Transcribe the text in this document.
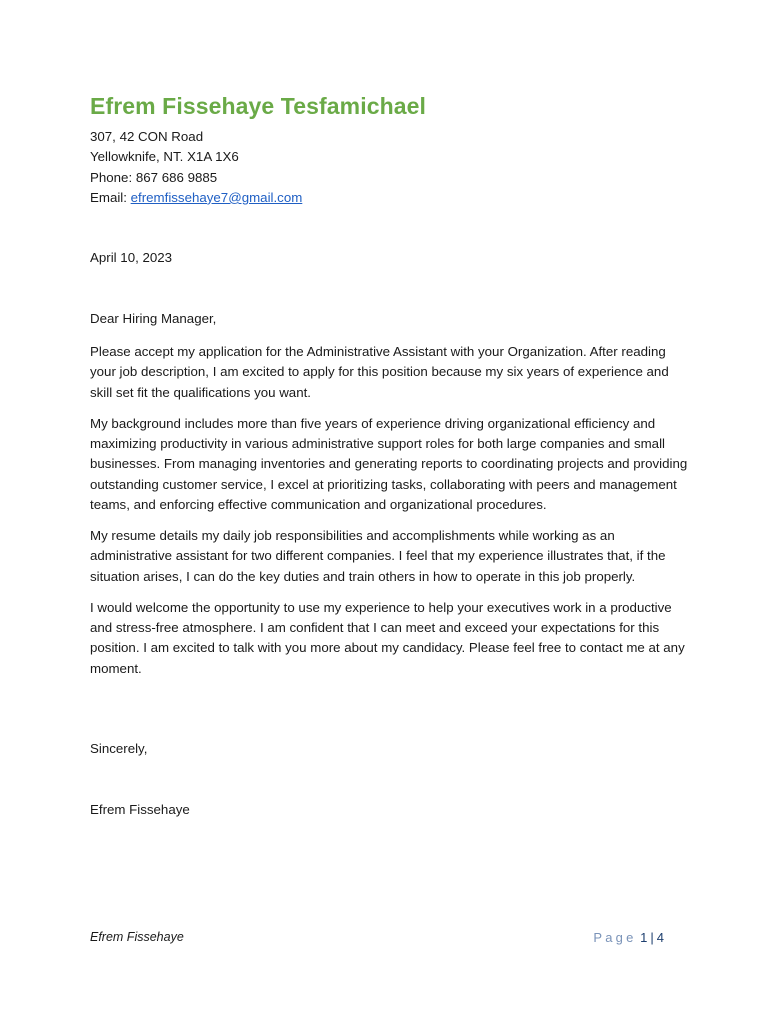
Efrem Fissehaye Tesfamichael
307, 42 CON Road
Yellowknife, NT. X1A 1X6
Phone: 867 686 9885
Email: efremfissehaye7@gmail.com
April 10, 2023
Dear Hiring Manager,

Please accept my application for the Administrative Assistant with your Organization. After reading your job description, I am excited to apply for this position because my six years of experience and skill set fit the qualifications you want.

My background includes more than five years of experience driving organizational efficiency and maximizing productivity in various administrative support roles for both large companies and small businesses. From managing inventories and generating reports to coordinating projects and providing outstanding customer service, I excel at prioritizing tasks, collaborating with peers and management teams, and enforcing effective communication and organizational procedures.

My resume details my daily job responsibilities and accomplishments while working as an administrative assistant for two different companies. I feel that my experience illustrates that, if the situation arises, I can do the key duties and train others in how to operate in this job properly.

I would welcome the opportunity to use my experience to help your executives work in a productive and stress-free atmosphere. I am confident that I can meet and exceed your expectations for this position. I am excited to talk with you more about my candidacy. Please feel free to contact me at any moment.

Sincerely,
Efrem Fissehaye
Efrem Fissehaye	Page 1 | 4
